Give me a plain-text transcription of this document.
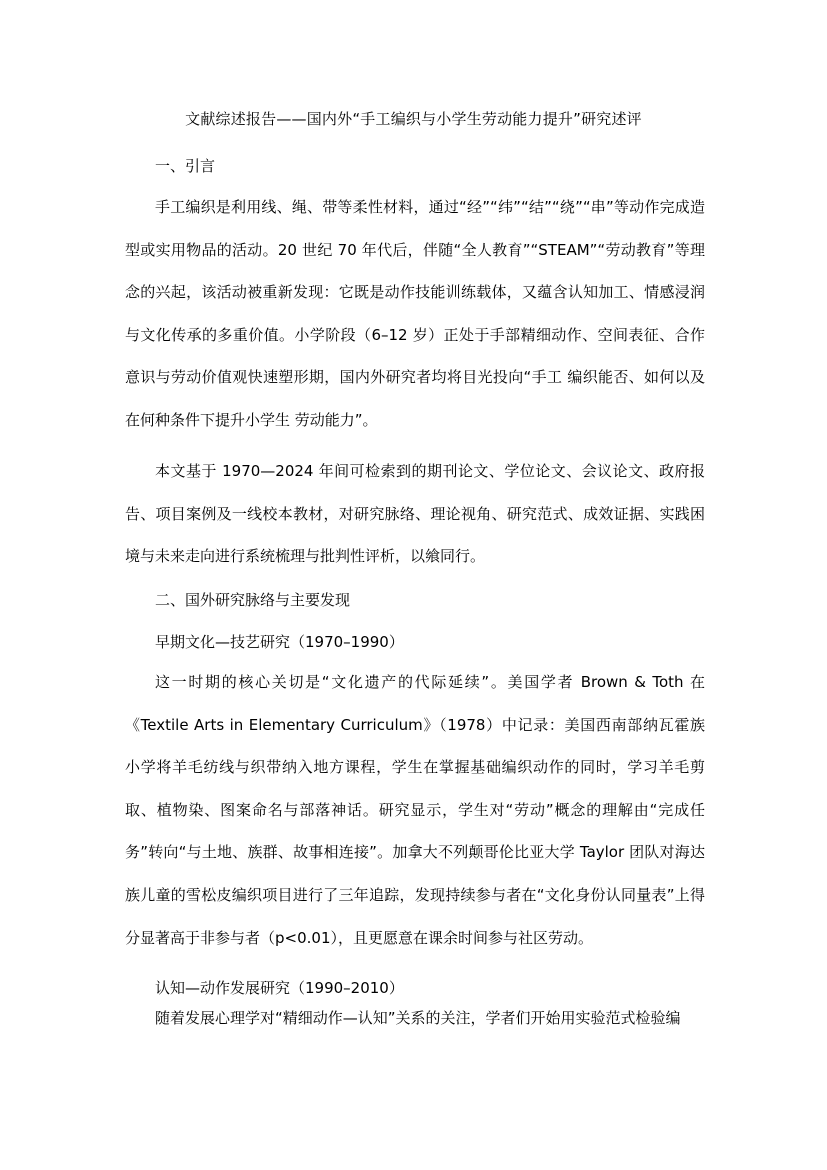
文献综述报告——国内外“手工编织与小学生劳动能力提升”研究述评
一、引言

手工编织是利用线、绳、带等柔性材料，通过“经”“纬”“结”“绕”“串”等动作完成造型或实用物品的活动。20 世纪 70 年代后，伴随“全人教育”“STEAM”“劳动教育”等理念的兴起，该活动被重新发现：它既是动作技能训练载体，又蕴含认知加工、情感浸润与文化传承的多重价值。小学阶段（6–12 岁）正处于手部精细动作、空间表征、合作意识与劳动价值观快速塑形期，国内外研究者均将目光投向“手工 编织能否、如何以及在何种条件下提升小学生 劳动能力”。

本文基于 1970—2024 年间可检索到的期刊论文、学位论文、会议论文、政府报告、项目案例及一线校本教材，对研究脉络、理论视角、研究范式、成效证据、实践困境与未来走向进行系统梳理与批判性评析，以飨同行。

二、国外研究脉络与主要发现
早期文化—技艺研究（1970–1990）

这一时期的核心关切是“文化遗产的代际延续”。美国学者 Brown & Toth 在《Textile Arts in Elementary Curriculum》（1978）中记录：美国西南部纳瓦霍族小学将羊毛纺线与织带纳入地方课程，学生在掌握基础编织动作的同时，学习羊毛剪取、植物染、图案命名与部落神话。研究显示，学生对“劳动”概念的理解由“完成任务”转向“与土地、族群、故事相连接”。加拿大不列颠哥伦比亚大学 Taylor 团队对海达族儿童的雪松皮编织项目进行了三年追踪，发现持续参与者在“文化身份认同量表”上得分显著高于非参与者（p<0.01），且更愿意在课余时间参与社区劳动。

认知—动作发展研究（1990–2010）

随着发展心理学对“精细动作—认知”关系的关注，学者们开始用实验范式检验编
